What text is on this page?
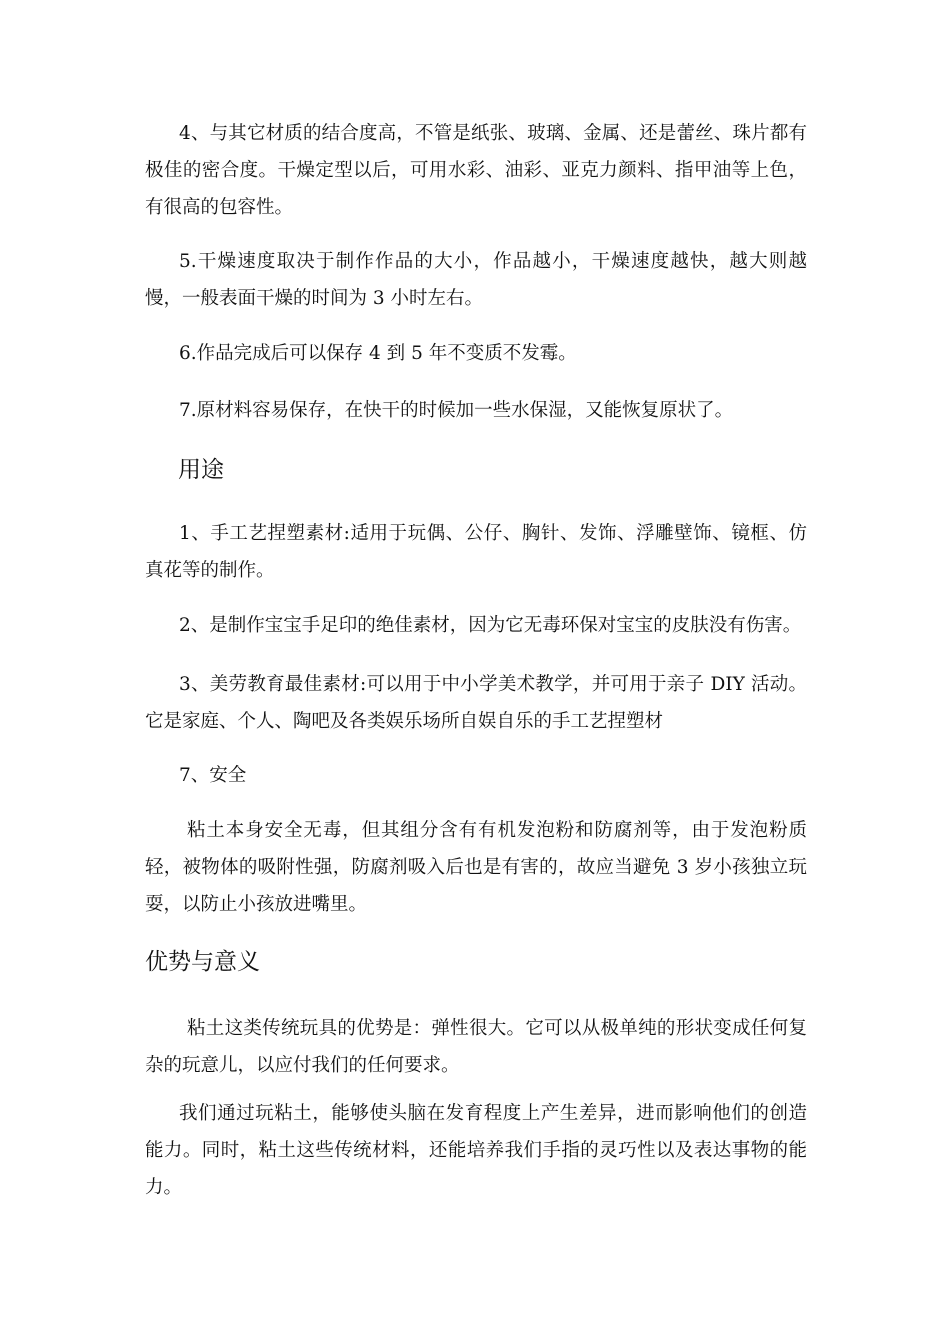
4、与其它材质的结合度高，不管是纸张、玻璃、金属、还是蕾丝、珠片都有极佳的密合度。干燥定型以后，可用水彩、油彩、亚克力颜料、指甲油等上色，有很高的包容性。

5.干燥速度取决于制作作品的大小，作品越小，干燥速度越快，越大则越慢，一般表面干燥的时间为 3 小时左右。

6.作品完成后可以保存 4 到 5 年不变质不发霉。

7.原材料容易保存，在快干的时候加一些水保湿，又能恢复原状了。

用途

1、手工艺捏塑素材:适用于玩偶、公仔、胸针、发饰、浮雕壁饰、镜框、仿真花等的制作。

2、是制作宝宝手足印的绝佳素材，因为它无毒环保对宝宝的皮肤没有伤害。

3、美劳教育最佳素材:可以用于中小学美术教学，并可用于亲子 DIY 活动。它是家庭、个人、陶吧及各类娱乐场所自娱自乐的手工艺捏塑材

7、安全

粘土本身安全无毒，但其组分含有有机发泡粉和防腐剂等，由于发泡粉质轻，被物体的吸附性强，防腐剂吸入后也是有害的，故应当避免 3 岁小孩独立玩耍，以防止小孩放进嘴里。

优势与意义

粘土这类传统玩具的优势是：弹性很大。它可以从极单纯的形状变成任何复杂的玩意儿，以应付我们的任何要求。

我们通过玩粘土，能够使头脑在发育程度上产生差异，进而影响他们的创造能力。同时，粘土这些传统材料，还能培养我们手指的灵巧性以及表达事物的能力。
